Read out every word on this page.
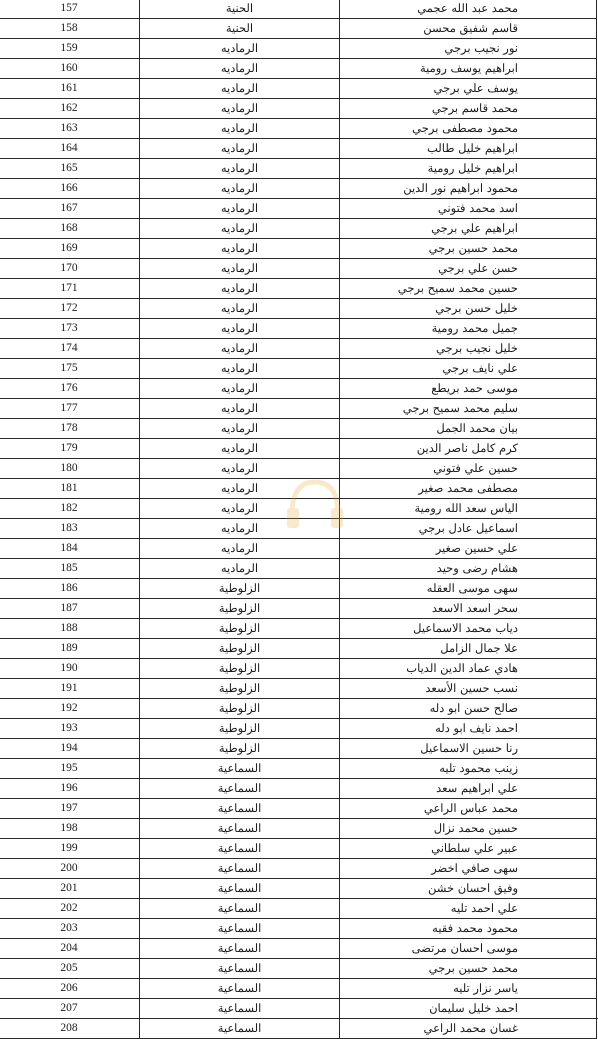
157	الحنية	محمد عبد الله عجمي
158	الحنية	قاسم شفيق محسن
159	الرماديه	نور نجيب برجي
160	الرماديه	ابراهيم يوسف رومية
161	الرماديه	يوسف علي برجي
162	الرماديه	محمد قاسم برجي
163	الرماديه	محمود مصطفى برجي
164	الرماديه	ابراهيم خليل طالب
165	الرماديه	ابراهيم خليل رومية
166	الرماديه	محمود ابراهيم نور الدين
167	الرماديه	اسد محمد فتوني
168	الرماديه	ابراهيم علي برجي
169	الرماديه	محمد حسين برجي
170	الرماديه	حسن علي برجي
171	الرماديه	حسين محمد سميح برجي
172	الرماديه	خليل حسن برجي
173	الرماديه	جميل محمد رومية
174	الرماديه	خليل نجيب برجي
175	الرماديه	علي نايف برجي
176	الرماديه	موسى حمد بريطع
177	الرماديه	سليم محمد سميح برجي
178	الرماديه	بيان محمد الجمل
179	الرماديه	كرم كامل ناصر الدين
180	الرماديه	حسين علي فتوني
181	الرماديه	مصطفى محمد صغير
182	الرماديه	الياس سعد الله رومية
183	الرماديه	اسماعيل عادل برجي
184	الرماديه	علي حسين صغير
185	الرماديه	هشام رضى وحيد
186	الزلوطية	سهى موسى العقله
187	الزلوطية	سحر اسعد الاسعد
188	الزلوطية	دياب محمد الاسماعيل
189	الزلوطية	علا جمال الزامل
190	الزلوطية	هادي عماد الدين الدياب
191	الزلوطية	نسب حسين الأسعد
192	الزلوطية	صالح حسن ابو دله
193	الزلوطية	احمد نايف ابو دله
194	الزلوطية	رنا حسين الاسماعيل
195	السماعية	زينب محمود تليه
196	السماعية	علي ابراهيم سعد
197	السماعية	محمد عباس الراعي
198	السماعية	حسين محمد نزال
199	السماعية	عبير علي سلطاني
200	السماعية	سهى صافي اخضر
201	السماعية	وفيق احسان خشن
202	السماعية	علي احمد تليه
203	السماعية	محمود محمد فقيه
204	السماعية	موسى احسان مرتضى
205	السماعية	محمد حسين برجي
206	السماعية	ياسر نزار تليه
207	السماعية	احمد خليل سليمان
208	السماعية	غسان محمد الراعي
